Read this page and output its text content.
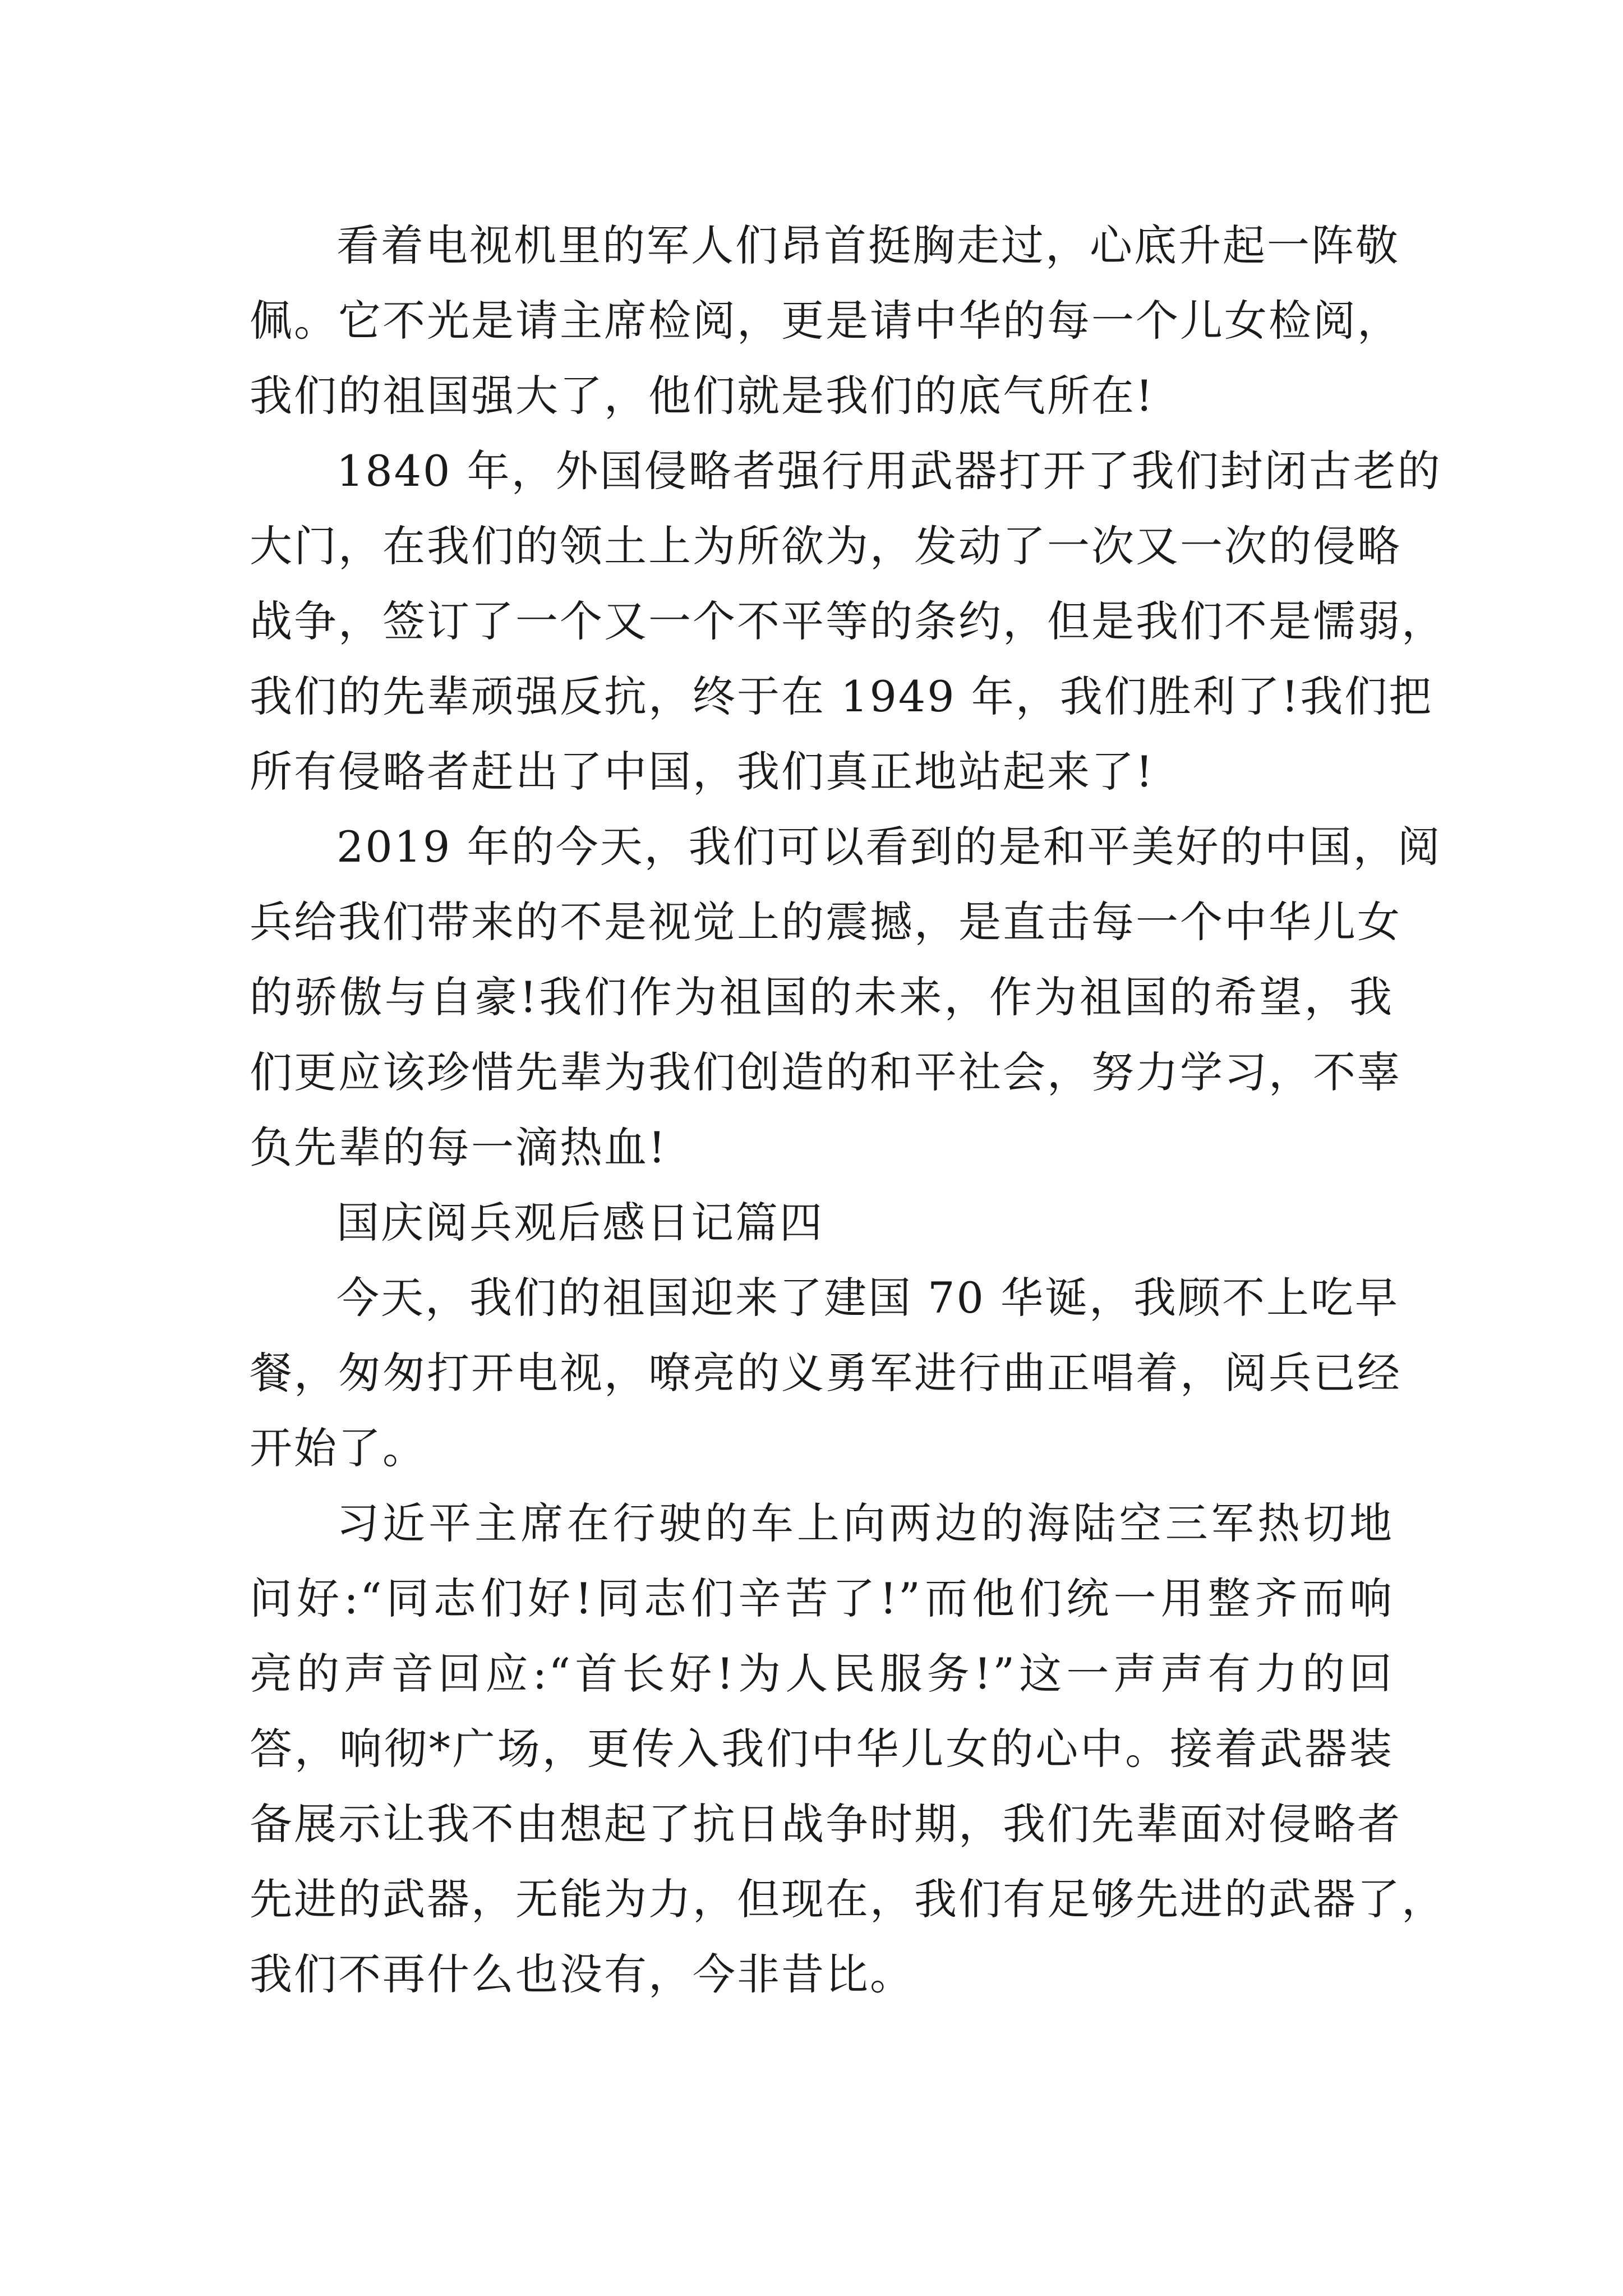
看着电视机里的军人们昂首挺胸走过，心底升起一阵敬
佩。它不光是请主席检阅，更是请中华的每一个儿女检阅，
我们的祖国强大了，他们就是我们的底气所在!
1840 年，外国侵略者强行用武器打开了我们封闭古老的
大门，在我们的领土上为所欲为，发动了一次又一次的侵略
战争，签订了一个又一个不平等的条约，但是我们不是懦弱，
我们的先辈顽强反抗，终于在 1949 年，我们胜利了!我们把
所有侵略者赶出了中国，我们真正地站起来了!
2019 年的今天，我们可以看到的是和平美好的中国，阅
兵给我们带来的不是视觉上的震撼，是直击每一个中华儿女
的骄傲与自豪!我们作为祖国的未来，作为祖国的希望，我
们更应该珍惜先辈为我们创造的和平社会，努力学习，不辜
负先辈的每一滴热血!
国庆阅兵观后感日记篇四
今天，我们的祖国迎来了建国 70 华诞，我顾不上吃早
餐，匆匆打开电视，嘹亮的义勇军进行曲正唱着，阅兵已经
开始了。
习近平主席在行驶的车上向两边的海陆空三军热切地
问好:“同志们好!同志们辛苦了!”而他们统一用整齐而响
亮的声音回应:“首长好!为人民服务!”这一声声有力的回
答，响彻*广场，更传入我们中华儿女的心中。接着武器装
备展示让我不由想起了抗日战争时期，我们先辈面对侵略者
先进的武器，无能为力，但现在，我们有足够先进的武器了，
我们不再什么也没有，今非昔比。
